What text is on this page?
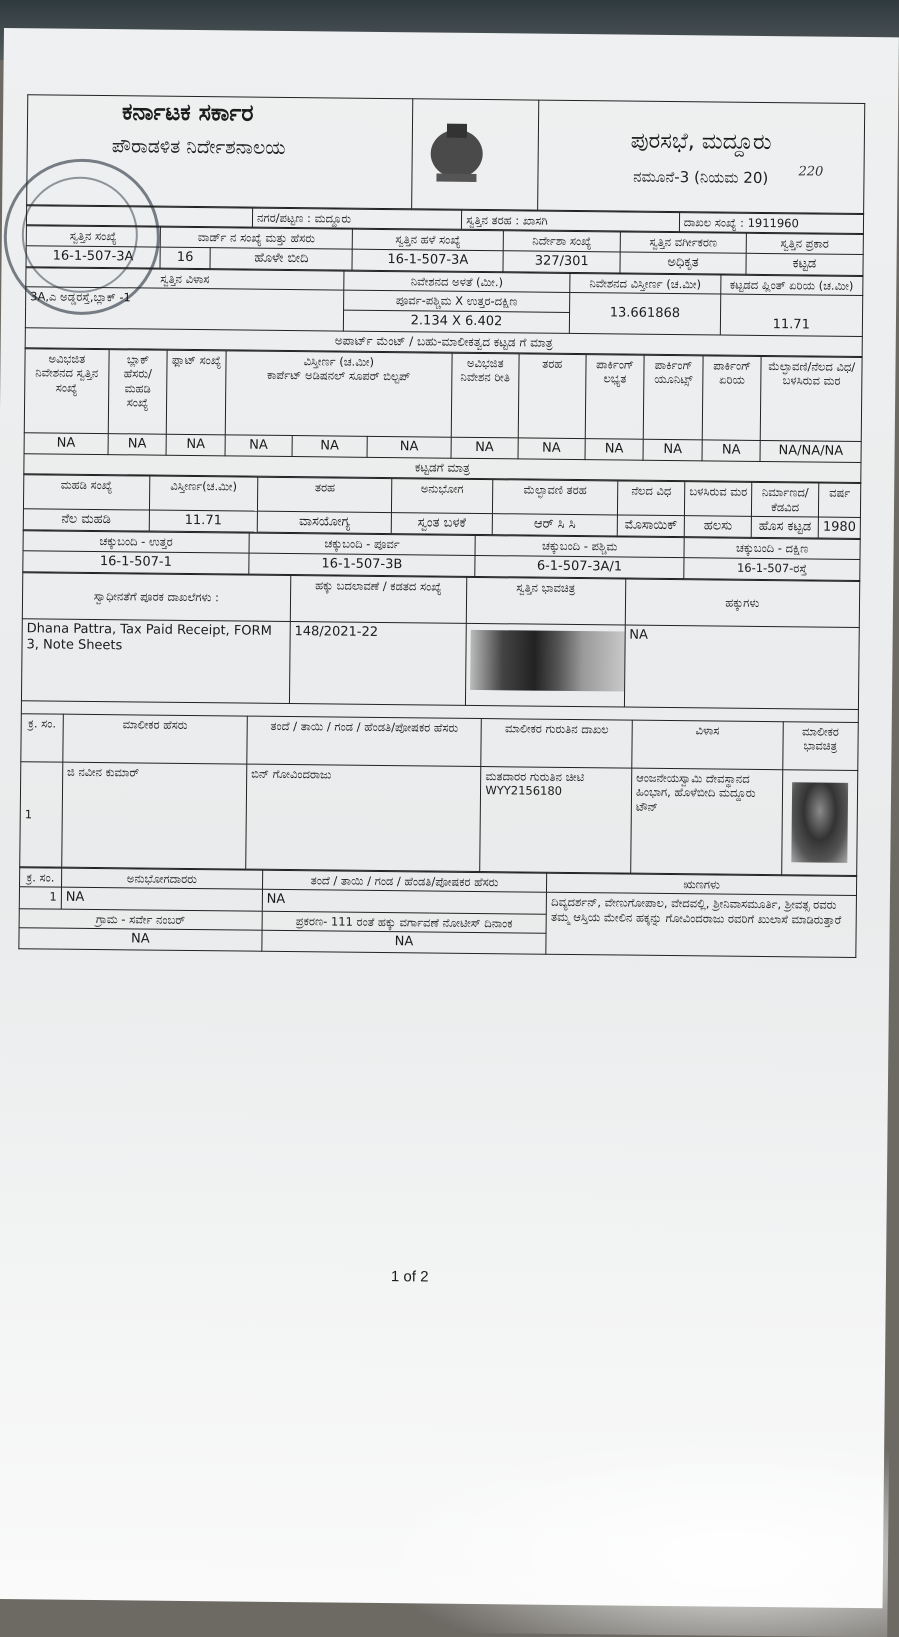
220
ಕರ್ನಾಟಕ ಸರ್ಕಾರ
ಪೌರಾಡಳಿತ ನಿರ್ದೇಶನಾಲಯ		ಪುರಸಭೆ, ಮದ್ದೂರು
ನಮೂನೆ-3 (ನಿಯಮ 20)
	ನಗರ/ಪಟ್ಟಣ : ಮದ್ದೂರು	ಸ್ವತ್ತಿನ ತರಹ : ಖಾಸಗಿ	ದಾಖಲ ಸಂಖ್ಯೆ : 1911960
ಸ್ವತ್ತಿನ ಸಂಖ್ಯೆ	ವಾರ್ಡ್ ನ ಸಂಖ್ಯೆ ಮತ್ತು ಹೆಸರು		ಸ್ವತ್ತಿನ ಹಳೆ ಸಂಖ್ಯೆ	ನಿರ್ದೇಶಾ ಸಂಖ್ಯೆ	ಸ್ವತ್ತಿನ ವರ್ಗೀಕರಣ	ಸ್ವತ್ತಿನ ಪ್ರಕಾರ
16-1-507-3A	16	ಹೊಳೇ ಬೀದಿ	16-1-507-3A	327/301	ಅಧಿಕೃತ	ಕಟ್ಟಡ
ಸ್ವತ್ತಿನ ವಿಳಾಸ	ನಿವೇಶನದ ಅಳತೆ (ಮೀ.)	ನಿವೇಶನದ ವಿಸ್ತೀರ್ಣ (ಚ.ಮೀ)	ಕಟ್ಟಡದ ಪ್ಲಿಂತ್ ಏರಿಯ (ಚ.ಮೀ)
3A,ಎ ಅಡ್ಡರಸ್ತೆ,ಬ್ಲಾಕ್ -1	ಪೂರ್ವ-ಪಶ್ಚಿಮ X ಉತ್ತರ-ದಕ್ಷಿಣ	13.661868	11.71
	2.134 X 6.402		
ಅಪಾರ್ಟ್ ಮೆಂಟ್ / ಬಹು-ಮಾಲೀಕತ್ವದ ಕಟ್ಟಡ ಗೆ ಮಾತ್ರ
ಅವಿಭಜಿತ ನಿವೇಶನದ ಸ್ವತ್ತಿನ ಸಂಖ್ಯೆ	ಬ್ಲಾಕ್ ಹೆಸರು/ ಮಹಡಿ ಸಂಖ್ಯೆ	ಫ್ಲಾಟ್ ಸಂಖ್ಯೆ	ವಿಸ್ತೀರ್ಣ (ಚ.ಮೀ)
ಕಾರ್ಪೆಟ್ ಅಡಿಷನಲ್ ಸೂಪರ್ ಬಿಲ್ಟಪ್			ಅವಿಭಜಿತ ನಿವೇಶನ ರೀತಿ	ತರಹ	ಪಾರ್ಕಿಂಗ್ ಲಭ್ಯತ	ಪಾರ್ಕಿಂಗ್ ಯೂನಿಟ್ಸ್	ಪಾರ್ಕಿಂಗ್ ಏರಿಯ	ಮೆಲ್ಛಾವಣಿ/ನೆಲದ ವಿಧ/ಬಳಸಿರುವ ಮರ
NA	NA	NA	NA	NA	NA	NA	NA	NA	NA	NA	NA/NA/NA
ಕಟ್ಟಡಗೆ ಮಾತ್ರ
ಮಹಡಿ ಸಂಖ್ಯೆ	ವಿಸ್ತೀರ್ಣ(ಚ.ಮೀ)	ತರಹ	ಅನುಭೋಗ	ಮೆಲ್ಛಾವಣಿ ತರಹ	ನೆಲದ ವಿಧ	ಬಳಸಿರುವ ಮರ	ನಿರ್ಮಾಣದ/ ಕೆಡವಿದ	ವರ್ಷ
ನೆಲ ಮಹಡಿ	11.71	ವಾಸಯೋಗ್ಯ	ಸ್ವಂತ ಬಳಕೆ	ಆರ್ ಸಿ ಸಿ	ಮೊಸಾಯಿಕ್	ಹಲಸು	ಹೊಸ ಕಟ್ಟಡ	1980
ಚಕ್ಕುಬಂದಿ - ಉತ್ತರ	ಚಕ್ಕುಬಂದಿ - ಪೂರ್ವ	ಚಕ್ಕುಬಂದಿ - ಪಶ್ಚಿಮ	ಚಕ್ಕುಬಂದಿ - ದಕ್ಷಿಣ
16-1-507-1	16-1-507-3B	6-1-507-3A/1	16-1-507-ರಸ್ತೆ
ಸ್ವಾಧೀನತೆಗೆ ಪೂರಕ ದಾಖಲೆಗಳು :	ಹಕ್ಕು ಬದಲಾವಣೆ / ಕಡತದ ಸಂಖ್ಯೆ	ಸ್ವತ್ತಿನ ಭಾವಚಿತ್ರ	ಹಕ್ಕುಗಳು
Dhana Pattra, Tax Paid Receipt, FORM 3, Note Sheets	148/2021-22		NA
ಕ್ರ. ಸಂ.	ಮಾಲೀಕರ ಹೆಸರು	ತಂದೆ / ತಾಯಿ / ಗಂಡ / ಹೆಂಡತಿ/ಪೋಷಕರ ಹೆಸರು	ಮಾಲೀಕರ ಗುರುತಿನ ದಾಖಲ	ವಿಳಾಸ	ಮಾಲೀಕರ ಭಾವಚಿತ್ರ
1	ಜಿ ನವೀನ ಕುಮಾರ್	ಬಿನ್ ಗೋವಿಂದರಾಜು	ಮತದಾರರ ಗುರುತಿನ ಚೀಟಿ WYY2156180	ಆಂಜನೇಯಸ್ವಾಮಿ ದೇವಸ್ಥಾನದ ಹಿಂಭಾಗ, ಹೊಳೆಬೀದಿ ಮದ್ದೂರು ಟೌನ್	
ಕ್ರ. ಸಂ.	ಅನುಭೋಗದಾರರು	ತಂದೆ / ತಾಯಿ / ಗಂಡ / ಹೆಂಡತಿ/ಪೋಷಕರ ಹೆಸರು	ಋಣಗಳು
1	NA	NA	ದಿವ್ಯದರ್ಶನ್, ವೇಣುಗೋಪಾಲ, ವೇದವಲ್ಲಿ, ಶ್ರೀನಿವಾಸಮೂರ್ತಿ, ಶ್ರೀವತ್ಸ ರವರು ತಮ್ಮ ಆಸ್ತಿಯ ಮೇಲಿನ ಹಕ್ಕನ್ನು ಗೋವಿಂದರಾಜು ರವರಿಗೆ ಖುಲಾಸೆ ಮಾಡಿರುತ್ತಾರೆ
ಗ್ರಾಮ - ಸರ್ವೇ ನಂಬರ್		ಪ್ರಕರಣ- 111 ರಂತೆ ಹಕ್ಕು ವರ್ಗಾವಣೆ ನೋಟೀಸ್ ದಿನಾಂಕ	
NA		NA	
1 of 2
